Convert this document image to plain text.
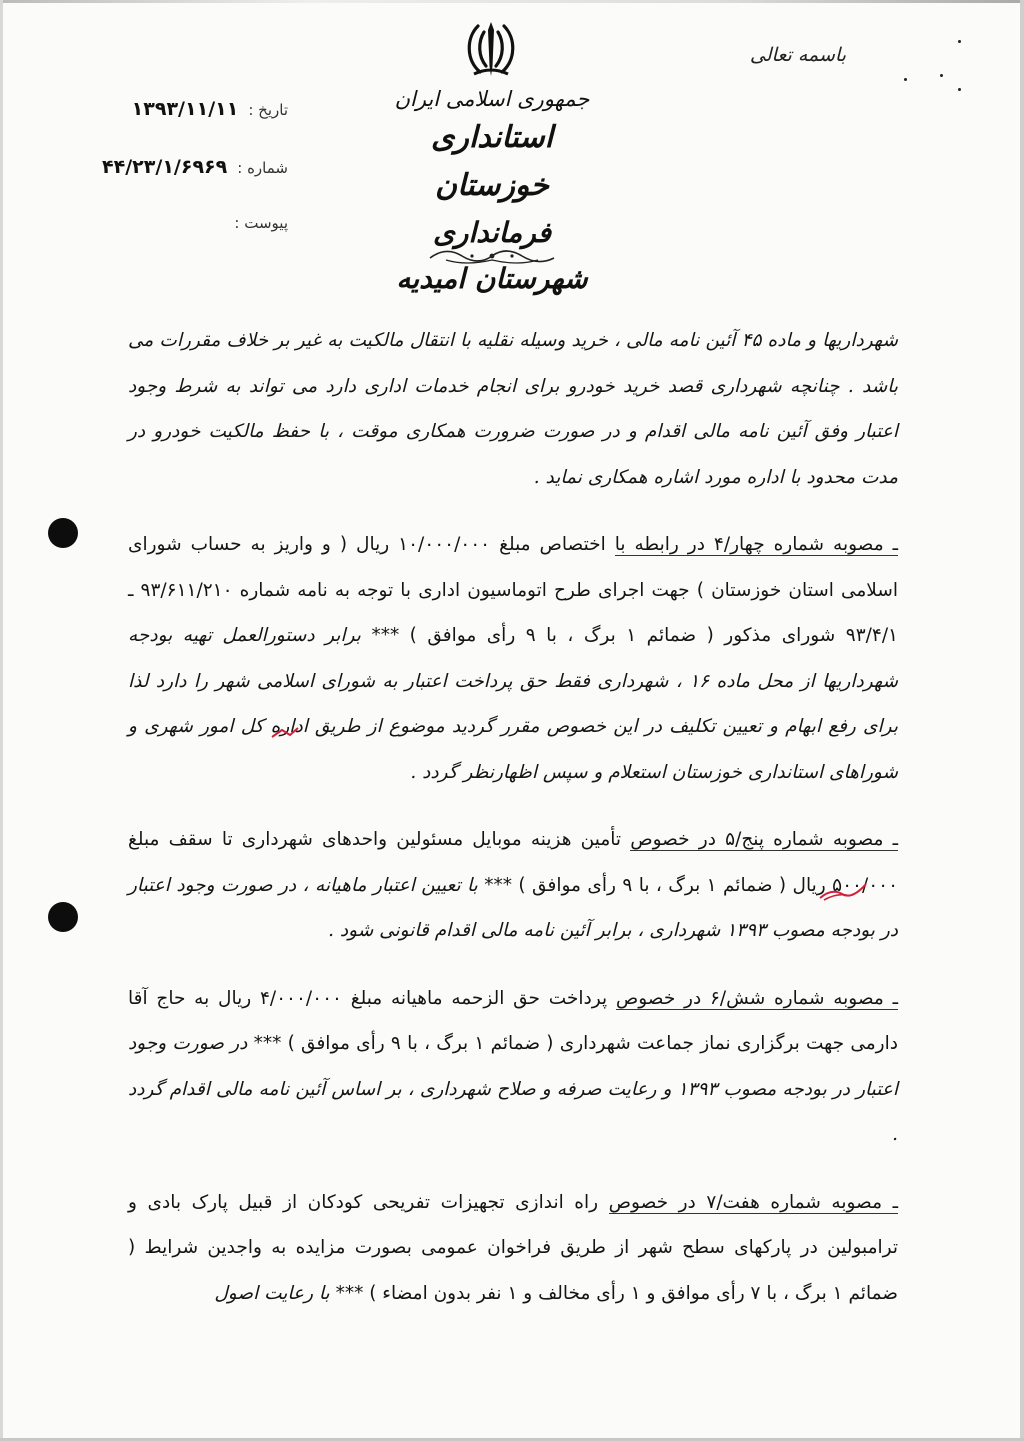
باسمه تعالی
جمهوری اسلامی ایران
استانداری خوزستان
فرمانداری شهرستان امیدیه
تاریخ :
۱۳۹۳/۱۱/۱۱
شماره :
۴۴/۲۳/۱/۶۹۶۹
پیوست :

شهرداریها و ماده ۴۵ آئین نامه مالی ، خرید وسیله نقلیه با انتقال مالکیت به غیر بر خلاف مقررات می باشد . چنانچه شهرداری قصد خرید خودرو برای انجام خدمات اداری دارد می تواند به شرط وجود اعتبار وفق آئین نامه مالی اقدام و در صورت ضرورت همکاری موقت ، با حفظ مالکیت خودرو در مدت محدود با اداره مورد اشاره همکاری نماید .

ـ مصوبه شماره چهار/۴ در رابطه با اختصاص مبلغ ۱۰/۰۰۰/۰۰۰ ریال ( و واریز به حساب شورای اسلامی استان خوزستان ) جهت اجرای طرح اتوماسیون اداری با توجه به نامه شماره ۹۳/۶۱۱/۲۱۰ ـ ۹۳/۴/۱ شورای مذکور ( ضمائم ۱ برگ ، با ۹ رأی موافق ) *** برابر دستورالعمل تهیه بودجه شهرداریها از محل ماده ۱۶ ، شهرداری فقط حق پرداخت اعتبار به شورای اسلامی شهر را دارد لذا برای رفع ابهام و تعیین تکلیف در این خصوص مقرر گردید موضوع از طریق اداره کل امور شهری و شوراهای استانداری خوزستان استعلام و سپس اظهارنظر گردد .

ـ مصوبه شماره پنج/۵ در خصوص تأمین هزینه موبایل مسئولین واحدهای شهرداری تا سقف مبلغ ۵۰۰/۰۰۰ ریال ( ضمائم ۱ برگ ، با ۹ رأی موافق ) *** با تعیین اعتبار ماهیانه ، در صورت وجود اعتبار در بودجه مصوب ۱۳۹۳ شهرداری ، برابر آئین نامه مالی اقدام قانونی شود .

ـ مصوبه شماره شش/۶ در خصوص پرداخت حق الزحمه ماهیانه مبلغ ۴/۰۰۰/۰۰۰ ریال به حاج آقا دارمی جهت برگزاری نماز جماعت شهرداری ( ضمائم ۱ برگ ، با ۹ رأی موافق ) *** در صورت وجود اعتبار در بودجه مصوب ۱۳۹۳ و رعایت صرفه و صلاح شهرداری ، بر اساس آئین نامه مالی اقدام گردد .

ـ مصوبه شماره هفت/۷ در خصوص راه اندازی تجهیزات تفریحی کودکان از قبیل پارک بادی و ترامبولین در پارکهای سطح شهر از طریق فراخوان عمومی بصورت مزایده به واجدین شرایط ( ضمائم ۱ برگ ، با ۷ رأی موافق و ۱ رأی مخالف و ۱ نفر بدون امضاء ) *** با رعایت اصول
